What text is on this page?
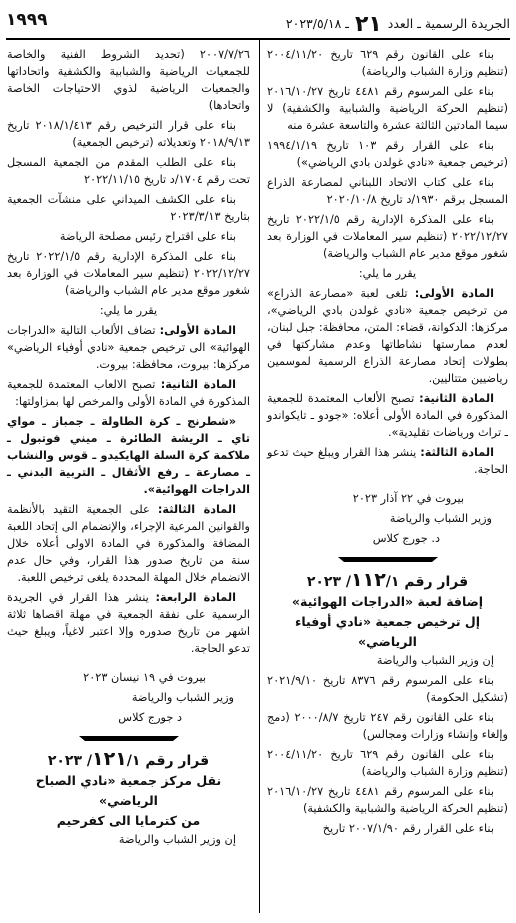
الجريدة الرسمية ـ العدد ٢١ ـ ٢٠٢٣/٥/١٨
١٩٩٩

بناء على القانون رقم ٦٢٩ تاريخ ٢٠٠٤/١١/٢٠ (تنظيم وزارة الشباب والرياضة)

بناء على المرسوم رقم ٤٤٨١ تاريخ ٢٠١٦/١٠/٢٧ (تنظيم الحركة الرياضية والشبابية والكشفية) لا سيما المادتين الثالثة عشرة والتاسعة عشرة منه

بناء على القرار رقم ١٠٣ تاريخ ١٩٩٤/١/١٩ (ترخيص جمعية «نادي غولدن بادي الرياضي»)

بناء على كتاب الاتحاد اللبناني لمصارعة الذراع المسجل برقم ١٩٣٠/د تاريخ ٢٠٢٠/١٠/٨

بناء على المذكرة الإدارية رقم ٢٠٢٢/١/٥ تاريخ ٢٠٢٢/١٢/٢٧ (تنظيم سير المعاملات في الوزارة بعد شغور موقع مدير عام الشباب والرياضة)

يقرر ما يلي:

المادة الأولى: تلغى لعبة «مصارعة الذراع» من ترخيص جمعية «نادي غولدن بادي الرياضي»، مركزها: الدكوانة، قضاء: المتن، محافظة: جبل لبنان، لعدم ممارستها نشاطاتها وعدم مشاركتها في بطولات إتحاد مصارعة الذراع الرسمية لموسمين رياضيين متتاليين.

المادة الثانية: تصبح الألعاب المعتمدة للجمعية المذكورة في المادة الأولى أعلاه: «جودو ـ تايكواندو ـ تراث ورياضات تقليدية».

المادة الثالثة: ينشر هذا القرار ويبلغ حيث تدعو الحاجة.

بيروت في ٢٢ آذار ٢٠٢٣

وزير الشباب والرياضة

د. جورج كلاس

قرار رقم ١١٢/١/ ٢٠٢٣
إضافة لعبة «الدراجات الهوائية»
إل ترخيص جمعية «نادي أوفياء الرياضي»

إن وزير الشباب والرياضة

بناء على المرسوم رقم ٨٣٧٦ تاريخ ٢٠٢١/٩/١٠ (تشكيل الحكومة)

بناء على القانون رقم ٢٤٧ تاريخ ٢٠٠٠/٨/٧ (دمج وإلغاء وإنشاء وزارات ومجالس)

بناء على القانون رقم ٦٢٩ تاريخ ٢٠٠٤/١١/٢٠ (تنظيم وزارة الشباب والرياضة)

بناء على المرسوم رقم ٤٤٨١ تاريخ ٢٠١٦/١٠/٢٧ (تنظيم الحركة الرياضية والشبابية والكشفية)

بناء على القرار رقم ٢٠٠٧/١/٩٠ تاريخ

٢٠٠٧/٧/٢٦ (تحديد الشروط الفنية والخاصة للجمعيات الرياضية والشبابية والكشفية واتحاداتها والجمعيات الرياضية لذوي الاحتياجات الخاصة واتحادها)

بناء على قرار الترخيص رقم ٢٠١٨/١/٤١٣ تاريخ ٢٠١٨/٩/١٣ وتعديلاته (ترخيص الجمعية)

بناء على الطلب المقدم من الجمعية المسجل تحت رقم ١٧٠٤/د تاريخ ٢٠٢٢/١١/١٥

بناء على الكشف الميداني على منشآت الجمعية بتاريخ ٢٠٢٣/٣/١٣

بناء على اقتراح رئيس مصلحة الرياضة

بناء على المذكرة الإدارية رقم ٢٠٢٢/١/٥ تاريخ ٢٠٢٢/١٢/٢٧ (تنظيم سير المعاملات في الوزارة بعد شغور موقع مدير عام الشباب والرياضة)

يقرر ما يلي:

المادة الأولى: تضاف الألعاب التالية «الدراجات الهوائية» الى ترخيص جمعية «نادي أوفياء الرياضي» مركزها: بيروت، محافظة: بيروت.

المادة الثانية: تصبح الالعاب المعتمدة للجمعية المذكورة في المادة الأولى والمرخص لها بمزاولتها:

«شطرنج ـ كرة الطاولة ـ جمباز ـ مواي تاي ـ الريشة الطائرة ـ ميني فوتبول ـ ملاكمة كرة السلة الهايكيدو ـ قوس والنشاب ـ مصارعة ـ رفع الأثقال ـ التربية البدني ـ الدراجات الهوائية».

المادة الثالثة: على الجمعية التقيد بالأنظمة والقوانين المرعية الإجراء، والإنضمام الى إتحاد اللعبة المضافة والمذكورة في المادة الاولى أعلاه خلال سنة من تاريخ صدور هذا القرار، وفي حال عدم الانضمام خلال المهلة المحددة يلغى ترخيص اللعبة.

المادة الرابعة: ينشر هذا القرار في الجريدة الرسمية على نفقة الجمعية في مهلة اقصاها ثلاثة اشهر من تاريخ صدوره وإلا اعتبر لاغياً، ويبلغ حيث تدعو الحاجة.

بيروت في ١٩ نيسان ٢٠٢٣

وزير الشباب والرياضة

د جورج كلاس

قرار رقم ١٢١/١/ ٢٠٢٣
نقل مركز جمعية «نادي الصباح الرياضي»
من كترمايا الى كفرحيم

إن وزير الشباب والرياضة
